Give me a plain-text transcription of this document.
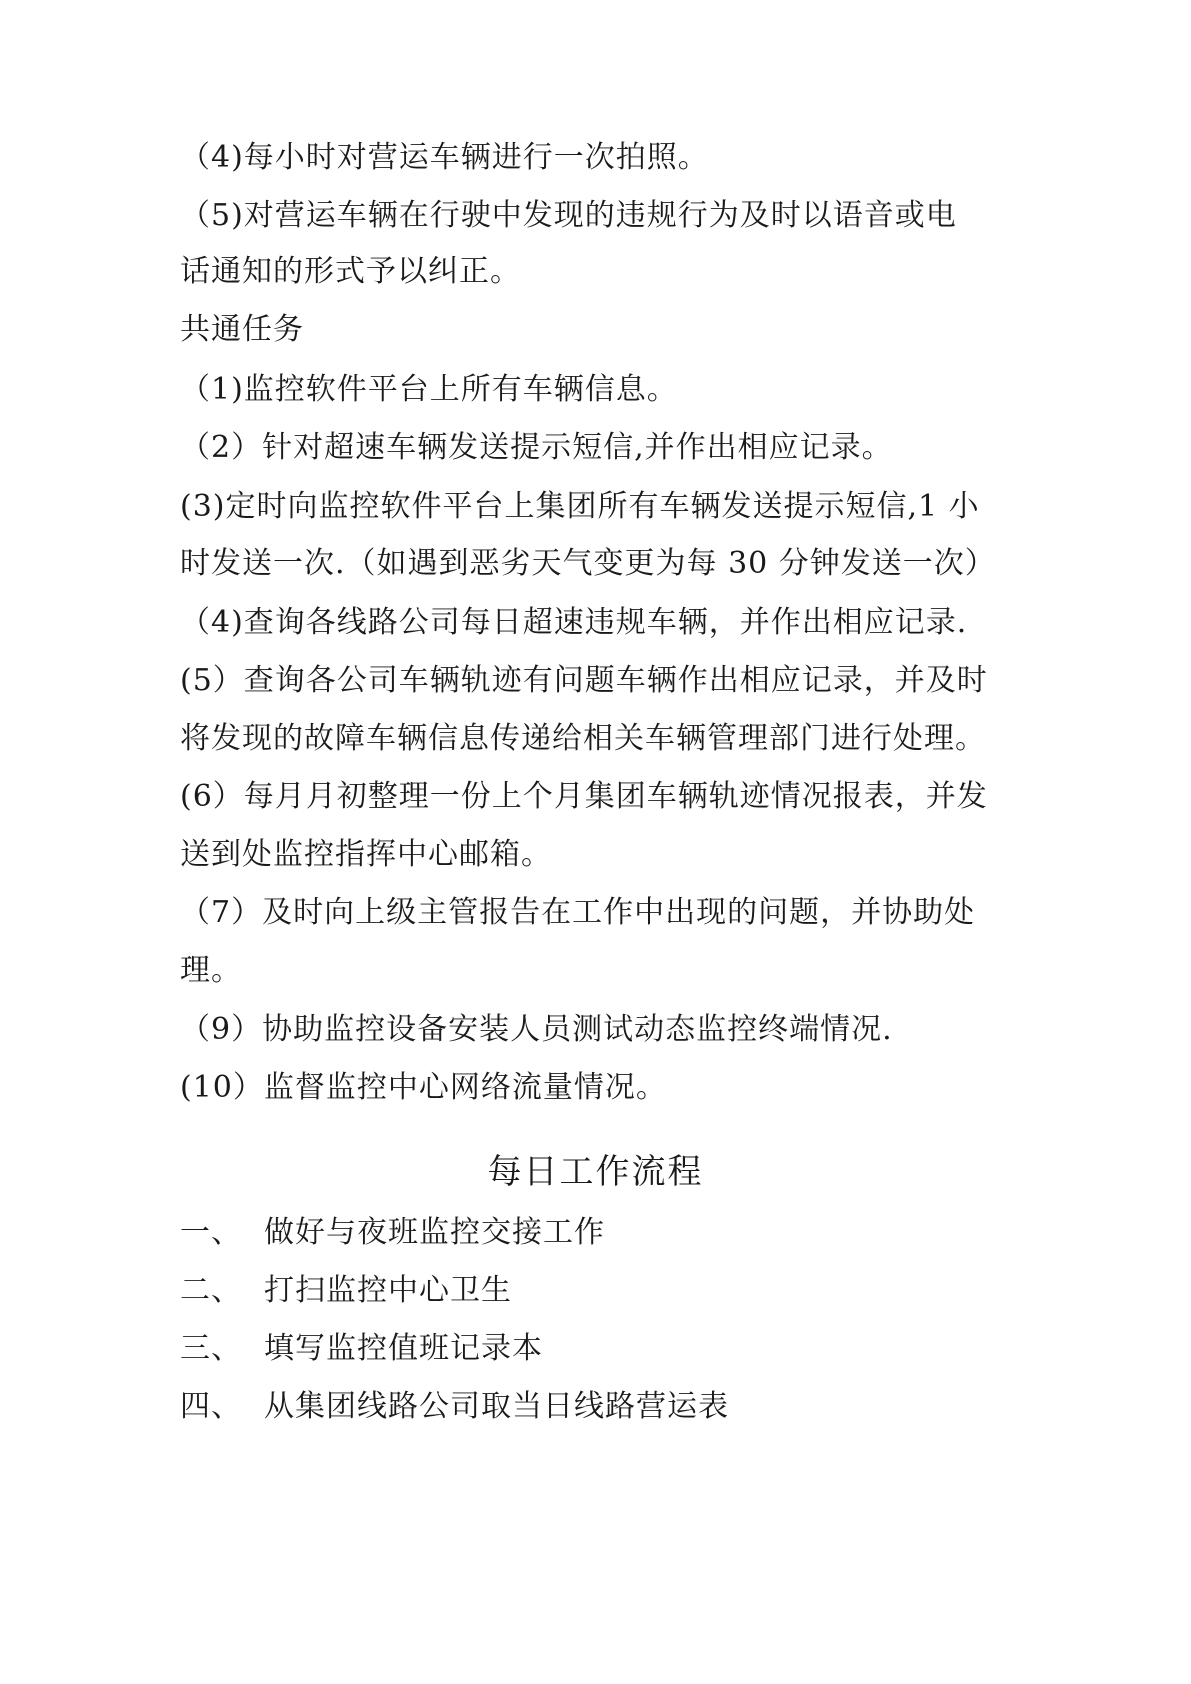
（4)每小时对营运车辆进行一次拍照。
（5)对营运车辆在行驶中发现的违规行为及时以语音或电
话通知的形式予以纠正。
共通任务
（1)监控软件平台上所有车辆信息。
（2）针对超速车辆发送提示短信,并作出相应记录。
(3)定时向监控软件平台上集团所有车辆发送提示短信,1 小
时发送一次.（如遇到恶劣天气变更为每 30 分钟发送一次）
（4)查询各线路公司每日超速违规车辆，并作出相应记录.
(5）查询各公司车辆轨迹有问题车辆作出相应记录，并及时
将发现的故障车辆信息传递给相关车辆管理部门进行处理。
(6）每月月初整理一份上个月集团车辆轨迹情况报表，并发
送到处监控指挥中心邮箱。
（7）及时向上级主管报告在工作中出现的问题，并协助处
理。
（9）协助监控设备安装人员测试动态监控终端情况.
(10）监督监控中心网络流量情况。
每日工作流程
一、 做好与夜班监控交接工作
二、 打扫监控中心卫生
三、 填写监控值班记录本
四、 从集团线路公司取当日线路营运表
